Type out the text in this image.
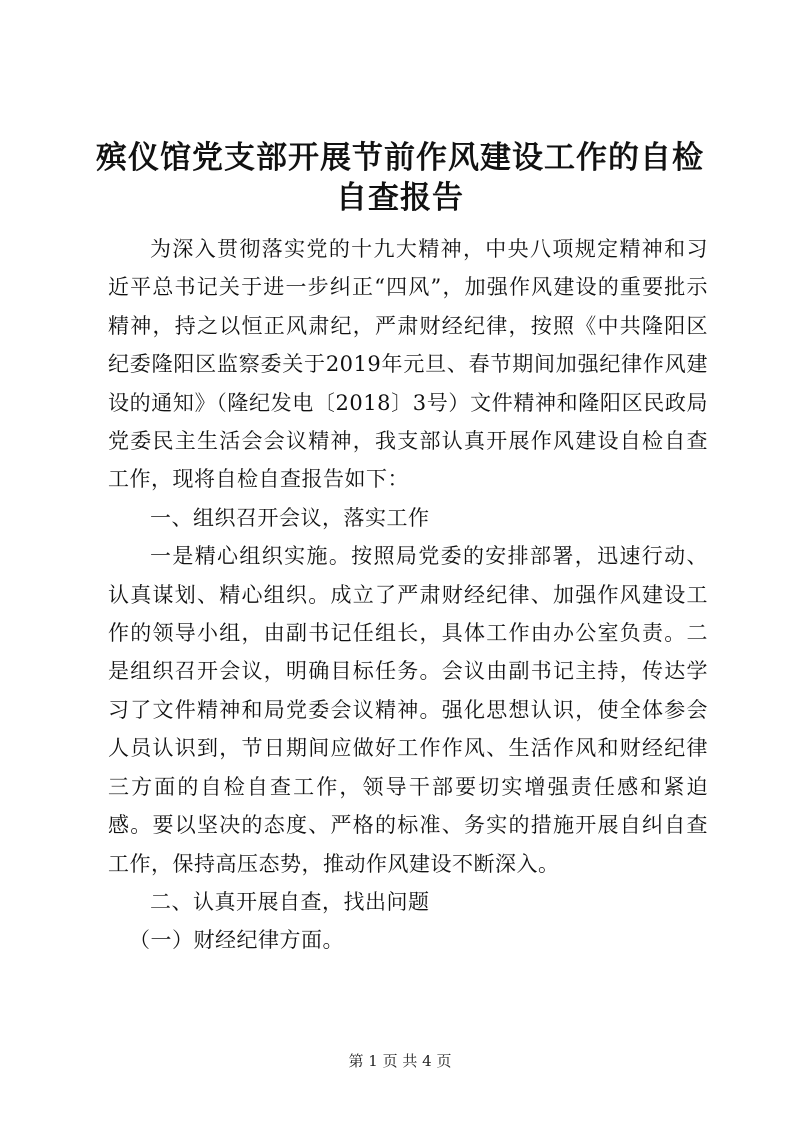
殡仪馆党支部开展节前作风建设工作的自检自查报告

为深入贯彻落实党的十九大精神，中央八项规定精神和习近平总书记关于进一步纠正“四风”，加强作风建设的重要批示精神，持之以恒正风肃纪，严肃财经纪律，按照《中共隆阳区纪委隆阳区监察委关于2019年元旦、春节期间加强纪律作风建设的通知》（隆纪发电〔2018〕3号）文件精神和隆阳区民政局党委民主生活会会议精神，我支部认真开展作风建设自检自查工作，现将自检自查报告如下：

一、组织召开会议，落实工作

一是精心组织实施。按照局党委的安排部署，迅速行动、认真谋划、精心组织。成立了严肃财经纪律、加强作风建设工作的领导小组，由副书记任组长，具体工作由办公室负责。二是组织召开会议，明确目标任务。会议由副书记主持，传达学习了文件精神和局党委会议精神。强化思想认识，使全体参会人员认识到，节日期间应做好工作作风、生活作风和财经纪律三方面的自检自查工作，领导干部要切实增强责任感和紧迫感。要以坚决的态度、严格的标准、务实的措施开展自纠自查工作，保持高压态势，推动作风建设不断深入。

二、认真开展自查，找出问题

（一）财经纪律方面。

第 1 页 共 4 页
